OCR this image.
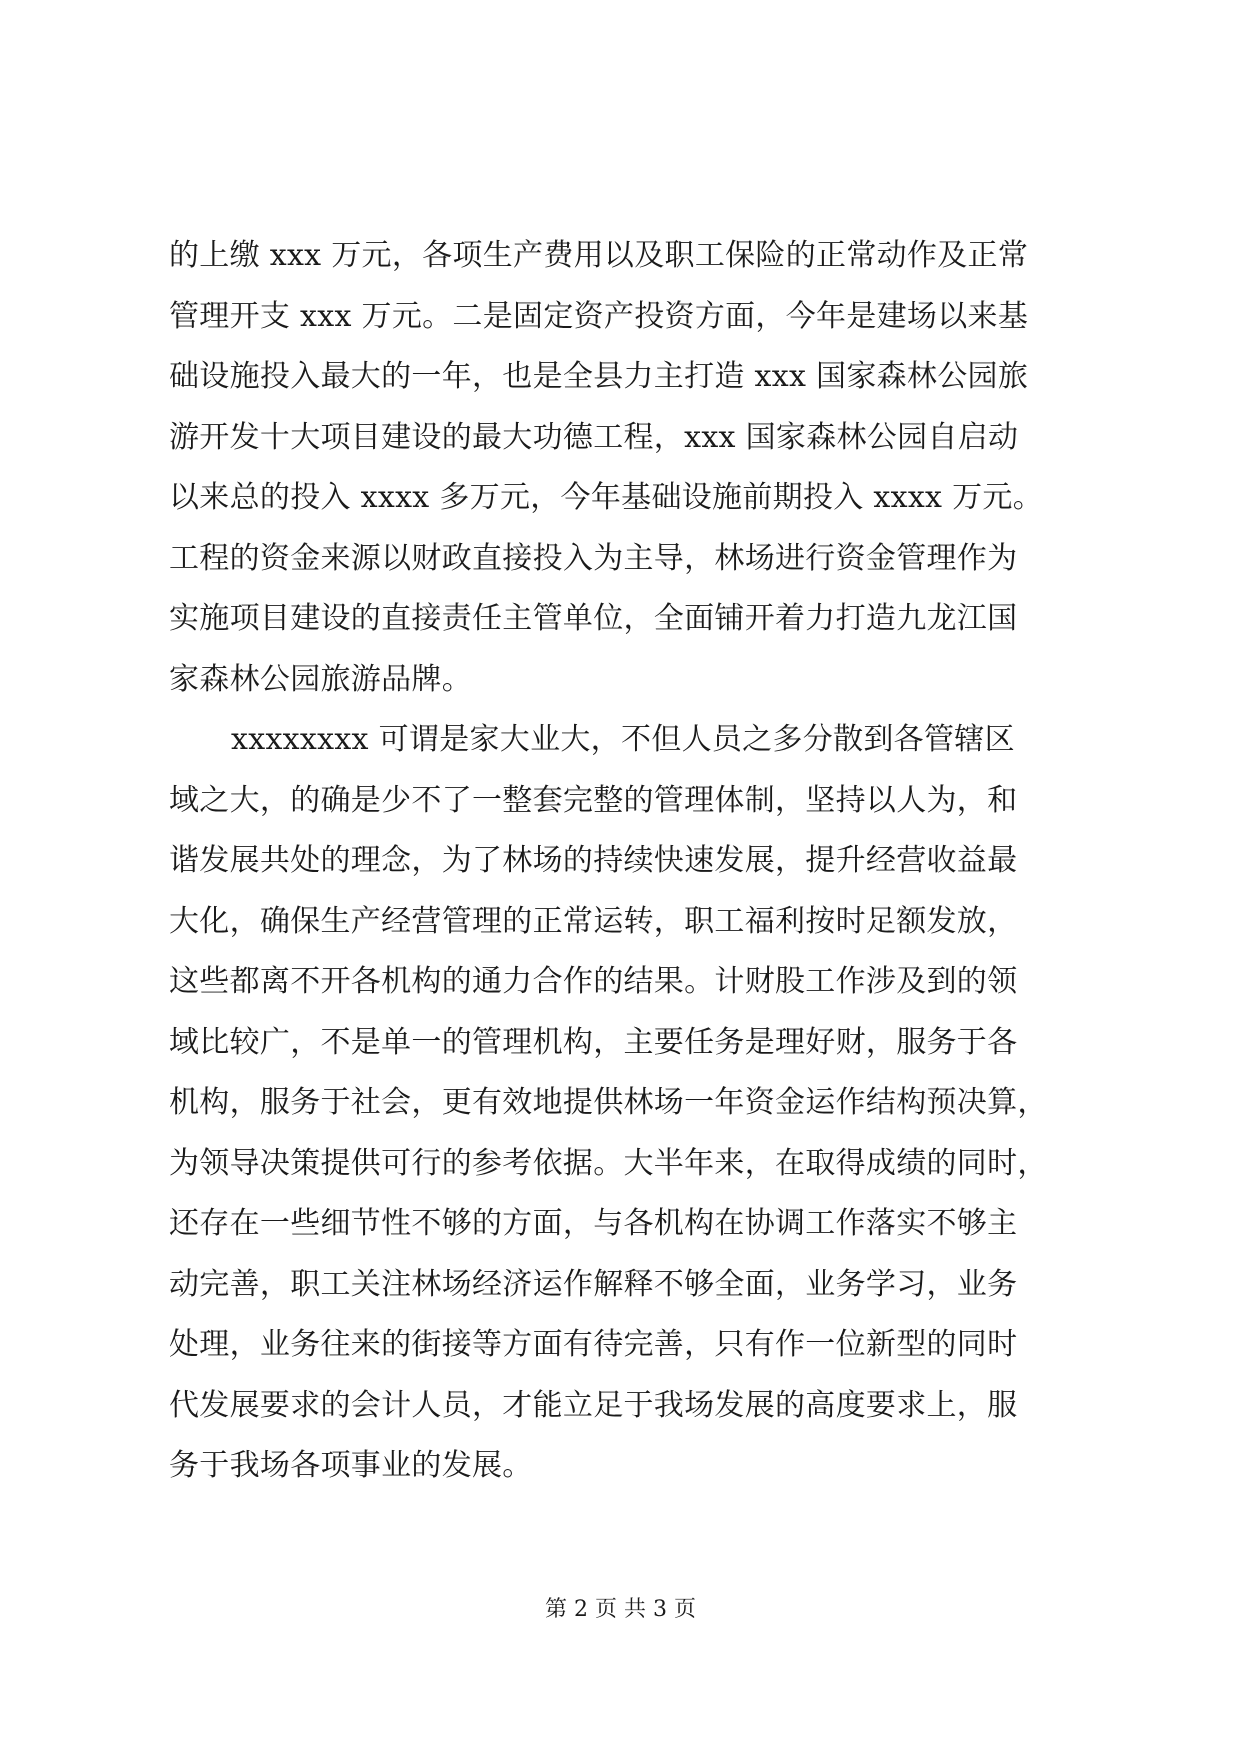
的上缴 xxx 万元，各项生产费用以及职工保险的正常动作及正常
管理开支 xxx 万元。二是固定资产投资方面，今年是建场以来基
础设施投入最大的一年，也是全县力主打造 xxx 国家森林公园旅
游开发十大项目建设的最大功德工程，xxx 国家森林公园自启动
以来总的投入 xxxx 多万元，今年基础设施前期投入 xxxx 万元。
工程的资金来源以财政直接投入为主导，林场进行资金管理作为
实施项目建设的直接责任主管单位，全面铺开着力打造九龙江国
家森林公园旅游品牌。

xxxxxxxx 可谓是家大业大，不但人员之多分散到各管辖区
域之大，的确是少不了一整套完整的管理体制，坚持以人为，和
谐发展共处的理念，为了林场的持续快速发展，提升经营收益最
大化，确保生产经营管理的正常运转，职工福利按时足额发放，
这些都离不开各机构的通力合作的结果。计财股工作涉及到的领
域比较广，不是单一的管理机构，主要任务是理好财，服务于各
机构，服务于社会，更有效地提供林场一年资金运作结构预决算，
为领导决策提供可行的参考依据。大半年来，在取得成绩的同时，
还存在一些细节性不够的方面，与各机构在协调工作落实不够主
动完善，职工关注林场经济运作解释不够全面，业务学习，业务
处理，业务往来的街接等方面有待完善，只有作一位新型的同时
代发展要求的会计人员，才能立足于我场发展的高度要求上，服
务于我场各项事业的发展。

第 2 页 共 3 页
